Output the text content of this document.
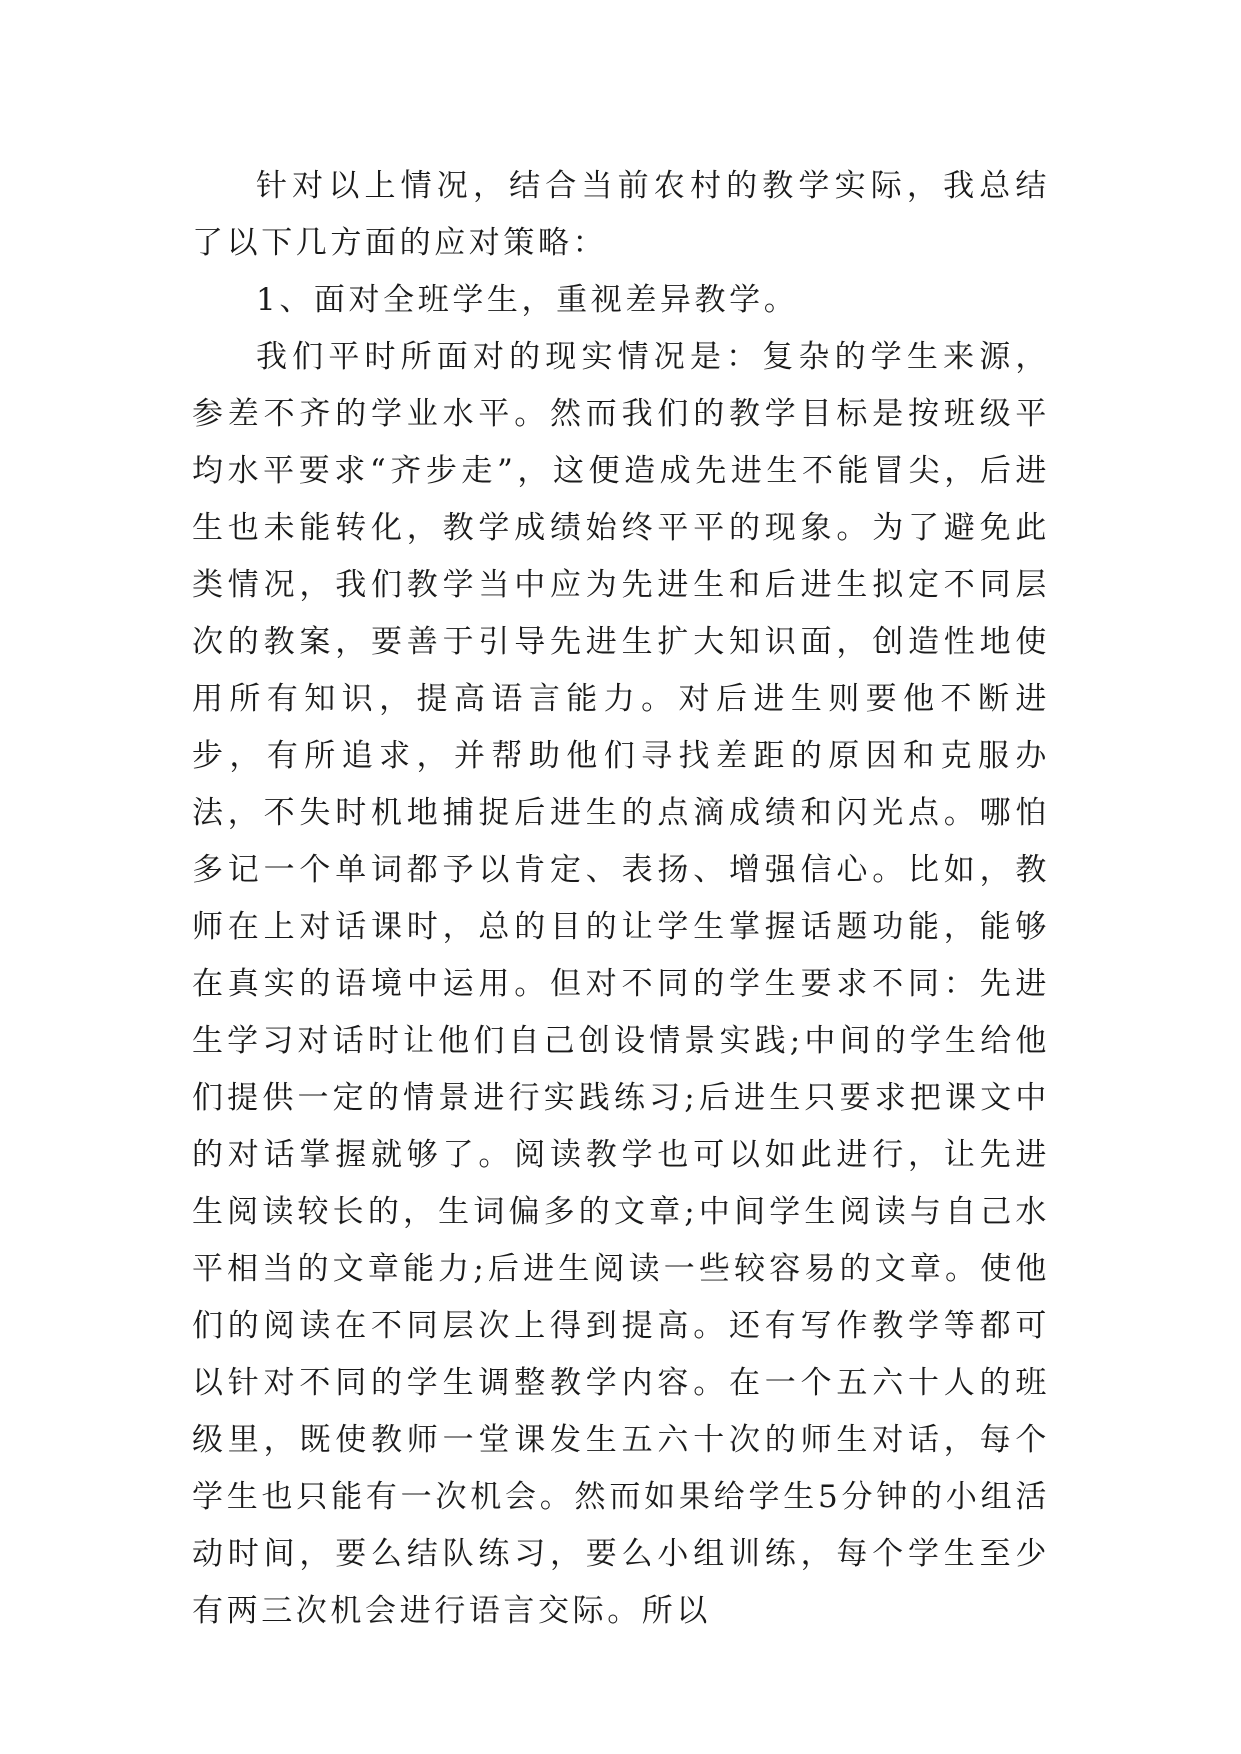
针对以上情况，结合当前农村的教学实际，我总结了以下几方面的应对策略：

1、面对全班学生，重视差异教学。

我们平时所面对的现实情况是：复杂的学生来源，参差不齐的学业水平。然而我们的教学目标是按班级平均水平要求“齐步走”，这便造成先进生不能冒尖，后进生也未能转化，教学成绩始终平平的现象。为了避免此类情况，我们教学当中应为先进生和后进生拟定不同层次的教案，要善于引导先进生扩大知识面，创造性地使用所有知识，提高语言能力。对后进生则要他不断进步，有所追求，并帮助他们寻找差距的原因和克服办法，不失时机地捕捉后进生的点滴成绩和闪光点。哪怕多记一个单词都予以肯定、表扬、增强信心。比如，教师在上对话课时，总的目的让学生掌握话题功能，能够在真实的语境中运用。但对不同的学生要求不同：先进生学习对话时让他们自己创设情景实践;中间的学生给他们提供一定的情景进行实践练习;后进生只要求把课文中的对话掌握就够了。阅读教学也可以如此进行，让先进生阅读较长的，生词偏多的文章;中间学生阅读与自己水平相当的文章能力;后进生阅读一些较容易的文章。使他们的阅读在不同层次上得到提高。还有写作教学等都可以针对不同的学生调整教学内容。在一个五六十人的班级里，既使教师一堂课发生五六十次的师生对话，每个学生也只能有一次机会。然而如果给学生5分钟的小组活动时间，要么结队练习，要么小组训练，每个学生至少有两三次机会进行语言交际。所以
